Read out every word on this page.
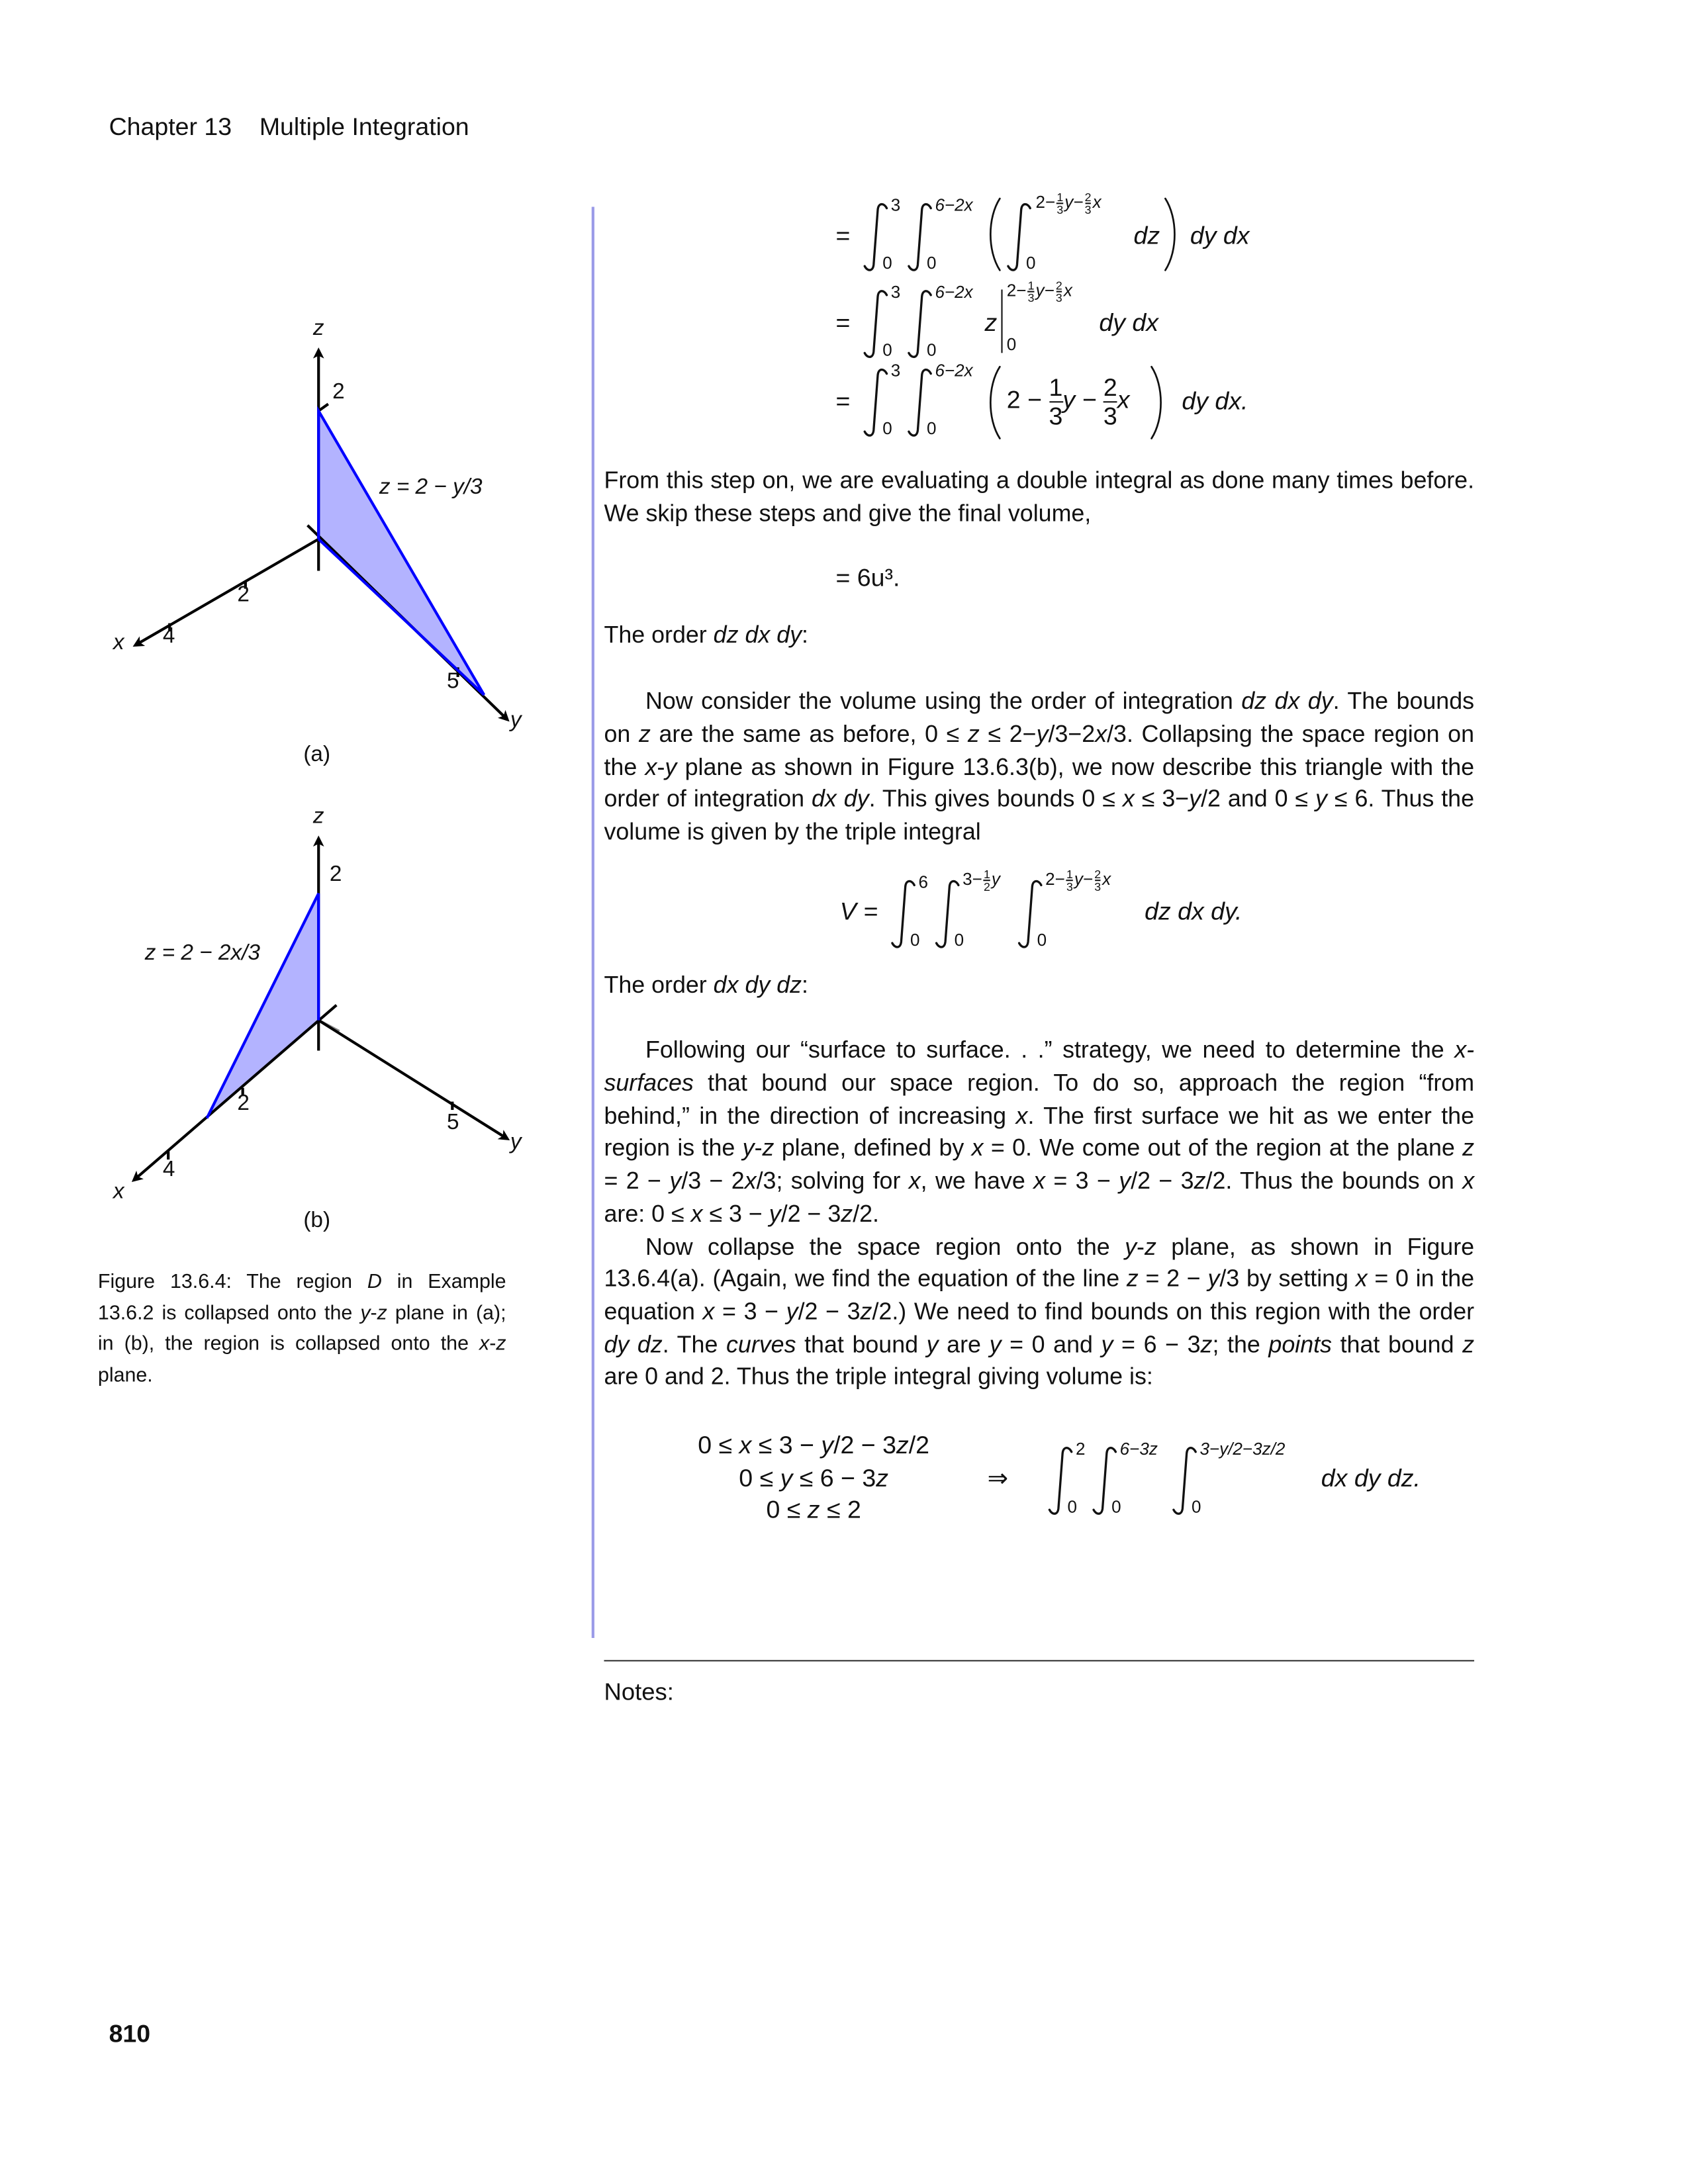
Chapter 13 Multiple Integration
z
2
z = 2 − y/3
2
4
x
5
y
(a)
z
2
z = 2 − 2x/3
2
4
x
5
y
(b)
Figure 13.6.4: The region D in Example 13.6.2 is collapsed onto the y-z plane in (a); in (b), the region is collapsed onto the x-z plane.
=
3
0
6−2x
0
$2- \frac{1}{3} y- \frac{2}{3}$ x
0
dz	dy dx
=
3
0
6−2x
0
z
$2- \frac{1}{3} y- \frac{2}{3}$ x
0
dy dx
=
3
0
6−2x
0
$2 - \frac{1}{3}$ $y - \frac{2}{3}$ x	dy dx.
From this step on, we are evaluating a double integral as done many times before. We skip these steps and give the final volume,
= 6u³.
The order dz dx dy:
Now consider the volume using the order of integration dz dx dy. The bounds on z are the same as before, 0 ≤ z ≤ 2−y/3−2x/3. Collapsing the space region on the x-y plane as shown in Figure 13.6.3(b), we now describe this triangle with the order of integration dx dy. This gives bounds 0 ≤ x ≤ 3−y/2 and 0 ≤ y ≤ 6. Thus the volume is given by the triple integral
V =
6
0
$3- \frac{1}{2}$ y
0
$2- \frac{1}{3} y- \frac{2}{3}$ x
0
dz dx dy.
The order dx dy dz:
Following our “surface to surface. . .” strategy, we need to determine the x-surfaces that bound our space region. To do so, approach the region “from behind,” in the direction of increasing x. The first surface we hit as we enter the region is the y-z plane, defined by x = 0. We come out of the region at the plane z = 2 − y/3 − 2x/3; solving for x, we have x = 3 − y/2 − 3z/2. Thus the bounds on x are: 0 ≤ x ≤ 3 − y/2 − 3z/2.
Now collapse the space region onto the y-z plane, as shown in Figure 13.6.4(a). (Again, we find the equation of the line z = 2 − y/3 by setting x = 0 in the equation x = 3 − y/2 − 3z/2.) We need to find bounds on this region with the order dy dz. The curves that bound y are y = 0 and y = 6 − 3z; the points that bound z are 0 and 2. Thus the triple integral giving volume is:
0 ≤ x ≤ 3 − y/2 − 3z/2
0 ≤ y ≤ 6 − 3z
0 ≤ z ≤ 2
⇒
2
0
6−3z
0
3−y/2−3z/2
0
dx dy dz.
Notes:
810
